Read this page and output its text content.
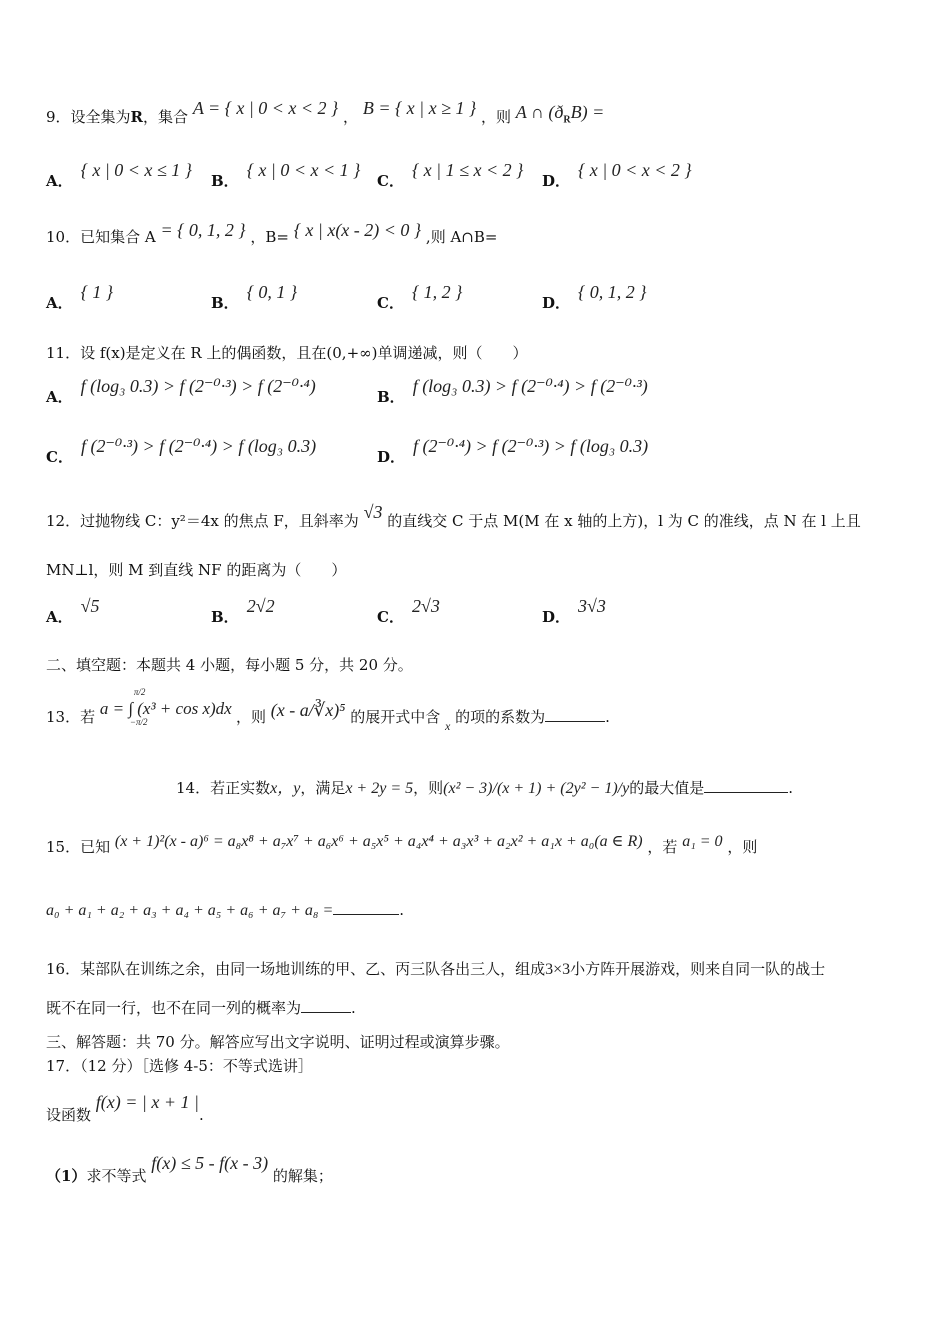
9．设全集为R，集合 A = { x | 0 < x < 2 } ， B = { x | x ≥ 1 } ，则 A ∩ $(ð_RB)$ =
A．{ x | 0 < x ≤ 1 }
B．{ x | 0 < x < 1 }
C．{ x | 1 ≤ x < 2 }
D．{ x | 0 < x < 2 }
10．已知集合 A = { 0, 1, 2 } ，B= { x | x(x - 2) < 0 } ,则 A∩B=
A．{ 1 }
B．{ 0, 1 }
C．{ 1, 2 }
D．{ 0, 1, 2 }
11．设 f(x)是定义在 R 上的偶函数，且在(0,+∞)单调递减，则（　　）
A．f (log₃ 0.3) > f (2⁻⁰·³) > f (2⁻⁰·⁴)
B．f (log₃ 0.3) > f (2⁻⁰·⁴) > f (2⁻⁰·³)
C．f (2⁻⁰·³) > f (2⁻⁰·⁴) > f (log₃ 0.3)
D．f (2⁻⁰·⁴) > f (2⁻⁰·³) > f (log₃ 0.3)
12．过抛物线 C：y²＝4x 的焦点 F，且斜率为 √3 的直线交 C 于点 M(M 在 x 轴的上方)，l 为 C 的准线，点 N 在 l 上且
MN⊥l，则 M 到直线 NF 的距离为（　　）
A．√5
B．2√2
C．2√3
D．3√3
二、填空题：本题共 4 小题，每小题 5 分，共 20 分。
13．若 a = ∫ (x³ + cos x)dx
π/2
−π/2	，则 (x - a/∛x)⁵ 的展开式中含 $_x$ 的项的系数为	.
14．若正实数x，y，满足x + 2y = 5，则(x² − 3)/(x + 1) + (2y² − 1)/y的最大值是	.
15．已知 (x + 1)²(x - a)⁶ = a₈x⁸ + a₇x⁷ + a₆x⁶ + a₅x⁵ + a₄x⁴ + a₃x³ + a₂x² + a₁x + a₀(a ∈ R) ，若 a₁ = 0 ，则
a₀ + a₁ + a₂ + a₃ + a₄ + a₅ + a₆ + a₇ + a₈ =	.
16．某部队在训练之余，由同一场地训练的甲、乙、丙三队各出三人，组成3×3小方阵开展游戏，则来自同一队的战士
既不在同一行，也不在同一列的概率为	.
三、解答题：共 70 分。解答应写出文字说明、证明过程或演算步骤。
17．（12 分）［选修 4-5：不等式选讲］
设函数 f(x) = | x + 1 |.
（1）求不等式 f(x) ≤ 5 - f(x - 3) 的解集；
